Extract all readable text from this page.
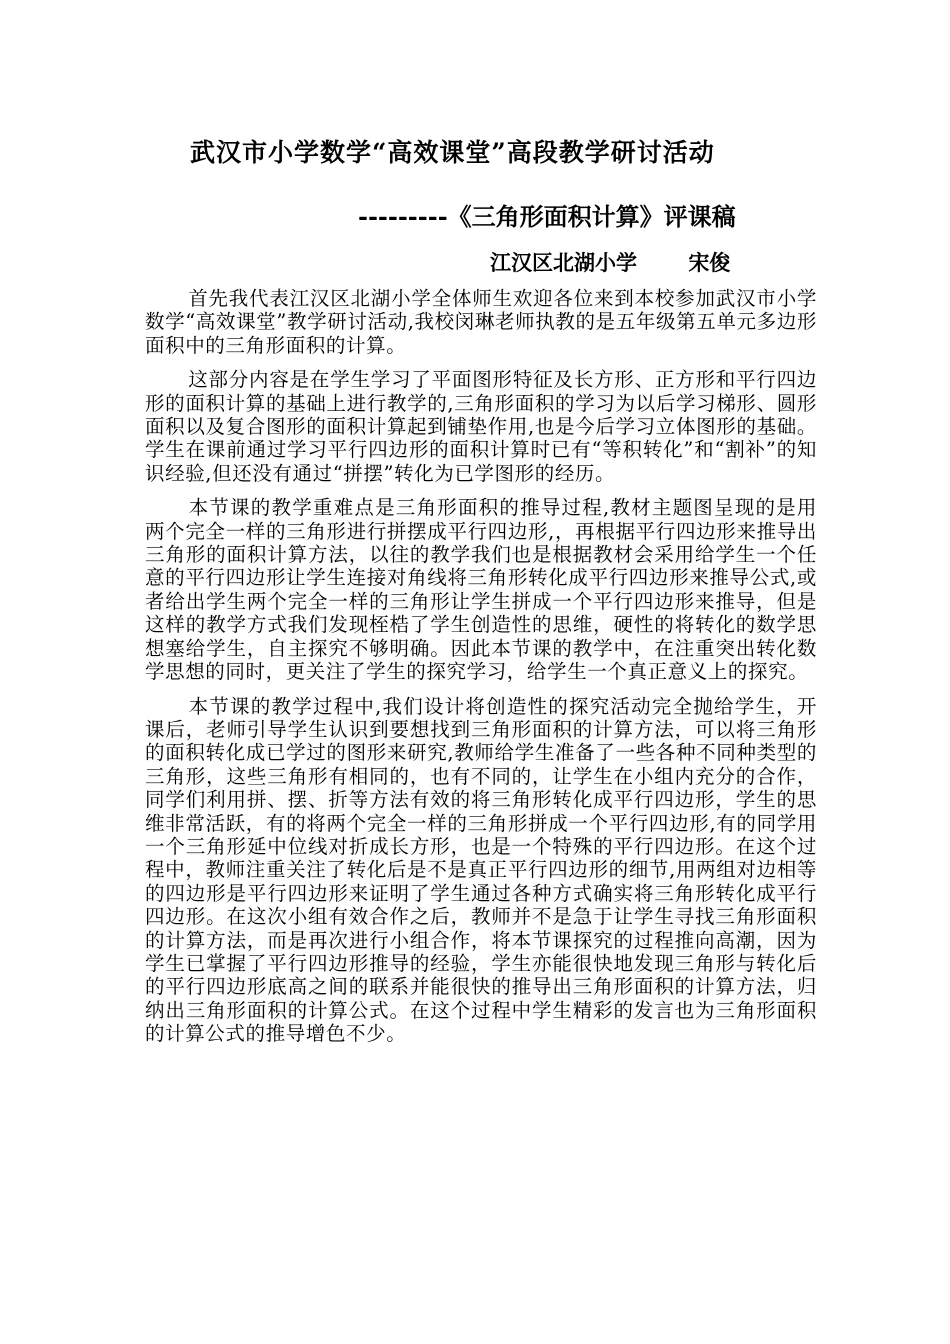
武汉市小学数学“高效课堂”高段教学研讨活动
---------《三角形面积计算》评课稿
江汉区北湖小学 宋俊

首先我代表江汉区北湖小学全体师生欢迎各位来到本校参加武汉市小学数学“高效课堂”教学研讨活动,我校闵琳老师执教的是五年级第五单元多边形面积中的三角形面积的计算。

这部分内容是在学生学习了平面图形特征及长方形、正方形和平行四边形的面积计算的基础上进行教学的,三角形面积的学习为以后学习梯形、圆形面积以及复合图形的面积计算起到铺垫作用,也是今后学习立体图形的基础。学生在课前通过学习平行四边形的面积计算时已有“等积转化”和“割补”的知识经验,但还没有通过“拼摆”转化为已学图形的经历。

本节课的教学重难点是三角形面积的推导过程,教材主题图呈现的是用两个完全一样的三角形进行拼摆成平行四边形,，再根据平行四边形来推导出三角形的面积计算方法，以往的教学我们也是根据教材会采用给学生一个任意的平行四边形让学生连接对角线将三角形转化成平行四边形来推导公式,或者给出学生两个完全一样的三角形让学生拼成一个平行四边形来推导，但是这样的教学方式我们发现桎梏了学生创造性的思维，硬性的将转化的数学思想塞给学生，自主探究不够明确。因此本节课的教学中，在注重突出转化数学思想的同时，更关注了学生的探究学习，给学生一个真正意义上的探究。

本节课的教学过程中,我们设计将创造性的探究活动完全抛给学生，开课后，老师引导学生认识到要想找到三角形面积的计算方法，可以将三角形的面积转化成已学过的图形来研究,教师给学生准备了一些各种不同种类型的三角形，这些三角形有相同的，也有不同的，让学生在小组内充分的合作，同学们利用拼、摆、折等方法有效的将三角形转化成平行四边形，学生的思维非常活跃，有的将两个完全一样的三角形拼成一个平行四边形,有的同学用一个三角形延中位线对折成长方形，也是一个特殊的平行四边形。在这个过程中，教师注重关注了转化后是不是真正平行四边形的细节,用两组对边相等的四边形是平行四边形来证明了学生通过各种方式确实将三角形转化成平行四边形。在这次小组有效合作之后，教师并不是急于让学生寻找三角形面积的计算方法，而是再次进行小组合作，将本节课探究的过程推向高潮，因为学生已掌握了平行四边形推导的经验，学生亦能很快地发现三角形与转化后的平行四边形底高之间的联系并能很快的推导出三角形面积的计算方法，归纳出三角形面积的计算公式。在这个过程中学生精彩的发言也为三角形面积的计算公式的推导增色不少。
